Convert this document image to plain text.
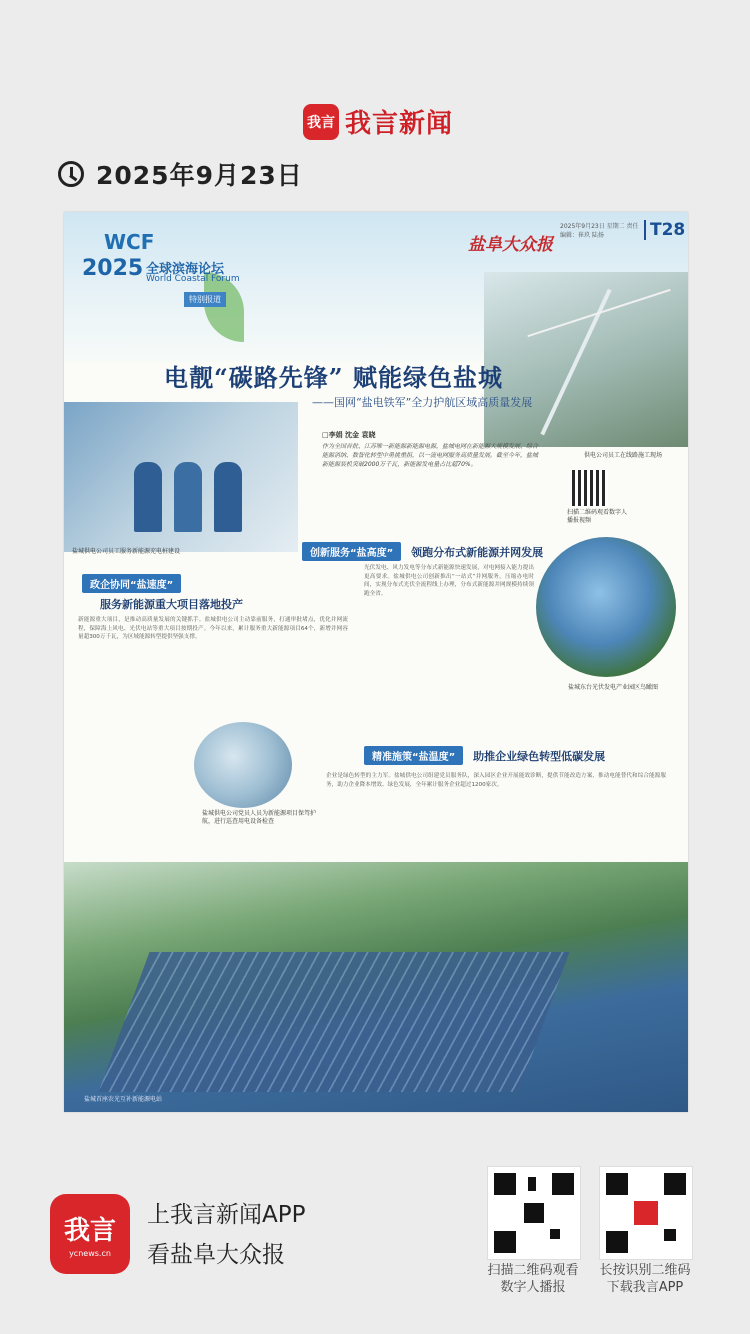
我言 我言新闻
2025年9月23日
WCF
2025 全球滨海论坛
World Coastal Forum
特别报道
盐阜大众报
2025年9月23日 星期二 责任编辑：崔玖 陆扬	T28
供电公司员工在线路施工现场
电靓“碳路先锋” 赋能绿色盐城
——国网“盐电铁军”全力护航区域高质量发展
盐城供电公司员工服务新能源充电桩建设
□李娟 沈金 袁晓
作为全国首批、江苏唯一新能源新能源电源，盐城电网在新能源大规模发展、综合能源消纳、数智化转型中勇挑重担，以一流电网服务高质量发展。截至今年，盐城新能源装机突破2000万千瓦，新能源发电量占比超70%。
扫描二维码观看数字人播报视频
创新服务“盐高度”	领跑分布式新能源并网发展
光伏发电、风力发电等分布式新能源快速发展，对电网接入能力提出更高要求。盐城供电公司创新推出“一站式”并网服务，压缩办电时间，实现分布式光伏全流程线上办理，分布式新能源并网规模持续领跑全省。
盐城东台光伏发电产业园区鸟瞰图
政企协同“盐速度”
服务新能源重大项目落地投产
新能源重大项目，是推动高质量发展的关键抓手。盐城供电公司主动靠前服务，打通审批堵点，优化并网流程，保障海上风电、光伏电站等重大项目按期投产。今年以来，累计服务重大新能源项目64个，新增并网容量超300万千瓦，为区域能源转型提供坚强支撑。
精准施策“盐温度”	助推企业绿色转型低碳发展
盐城供电公司党员人员为新能源项目保驾护航，进行巡查用电设备检查
企业是绿色转型的主力军。盐城供电公司组建党员服务队，深入园区企业开展能效诊断，提供节能改造方案，推动电能替代和综合能源服务，助力企业降本增效、绿色发展，全年累计服务企业超过1200家次。
盐城首座农光互补新能源电站
我言
ycnews.cn
上我言新闻APP
看盐阜大众报
扫描二维码观看
数字人播报
长按识别二维码
下载我言APP
